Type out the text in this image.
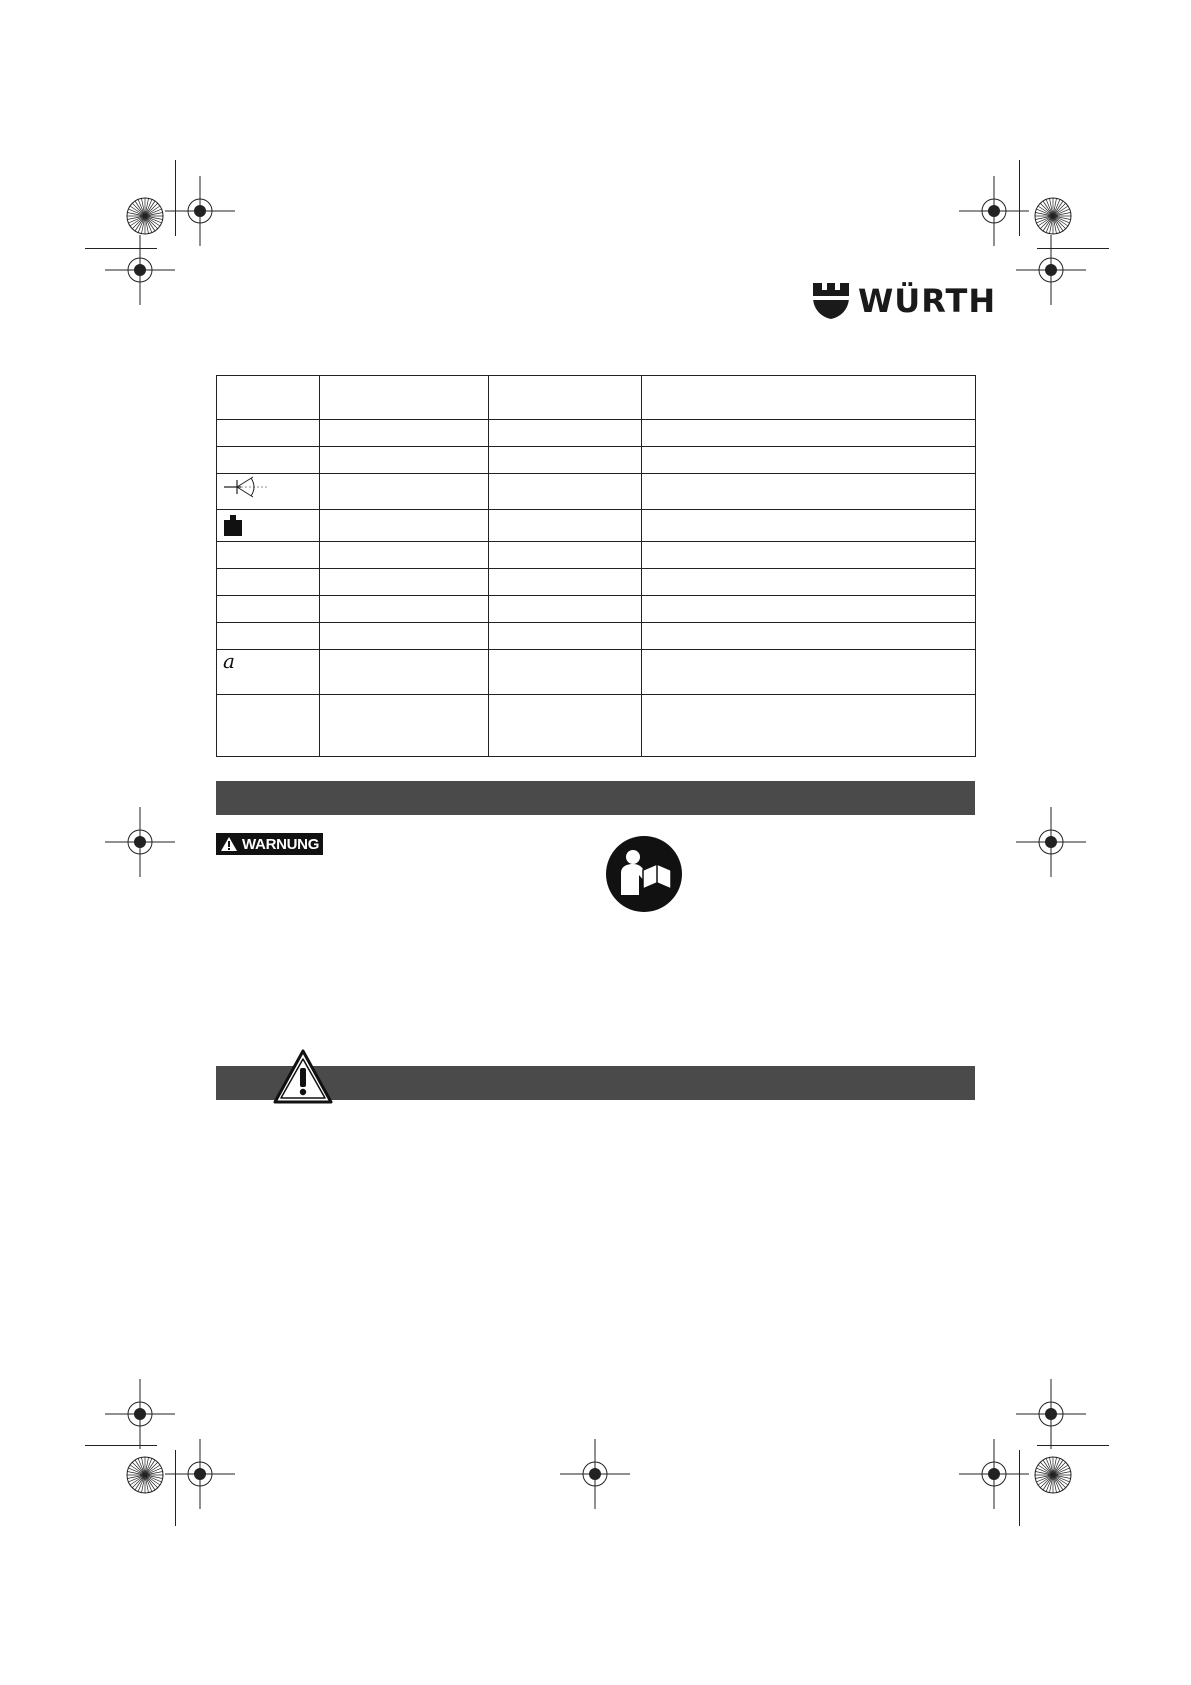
WÜRTH

a			

WARNUNG
